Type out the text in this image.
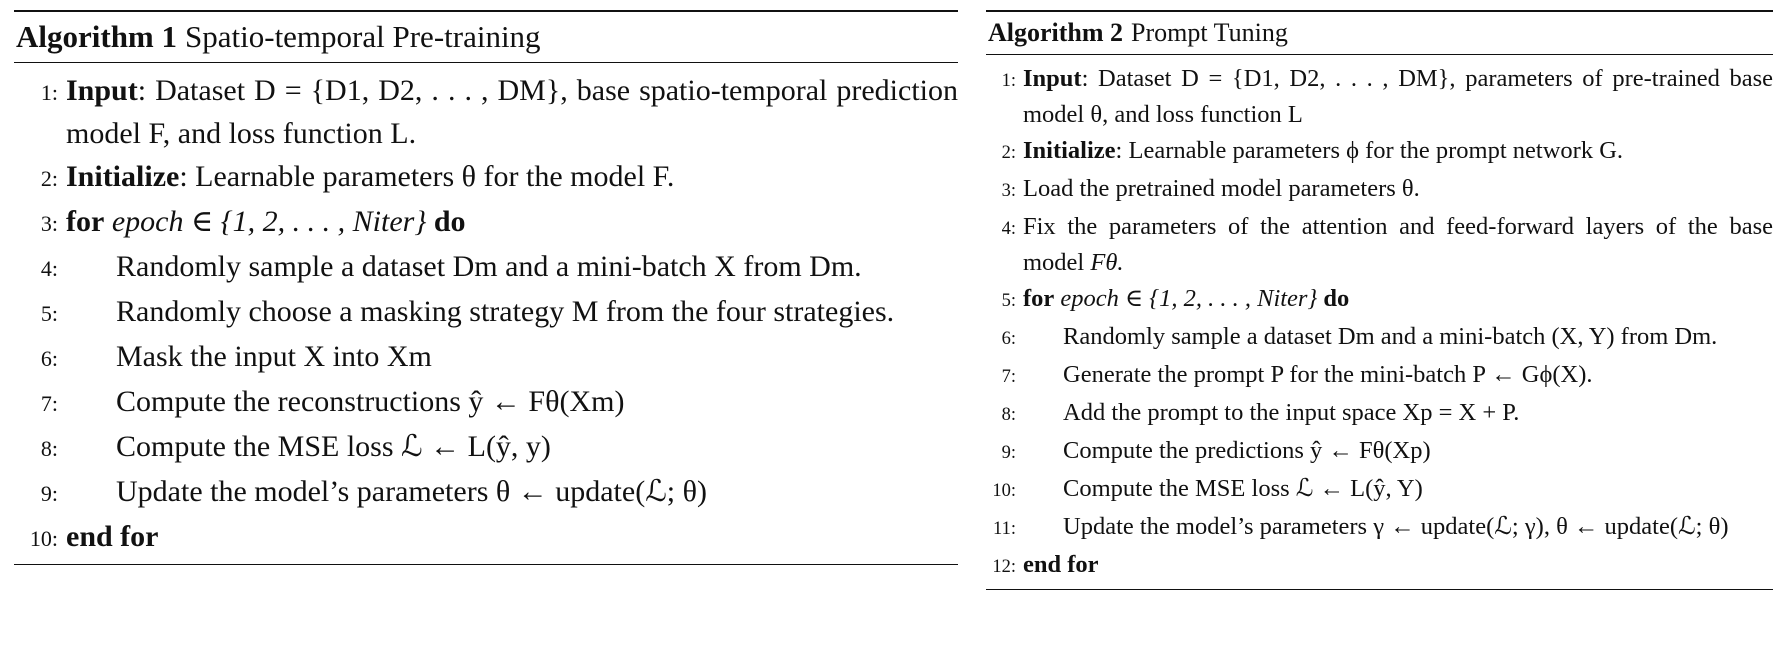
Algorithm 1 Spatio-temporal Pre-training
1: Input: Dataset D = {D1, D2, . . . , DM}, base spatio-temporal prediction model F, and loss function L.
2: Initialize: Learnable parameters θ for the model F.
3: for epoch ∈ {1, 2, . . . , Niter} do
4:	Randomly sample a dataset Dm and a mini-batch X from Dm.
5:	Randomly choose a masking strategy M from the four strategies.
6:	Mask the input X into Xm
7:	Compute the reconstructions ŷ ← Fθ(Xm)
8:	Compute the MSE loss ℒ ← L(ŷ, y)
9:	Update the model’s parameters θ ← update(ℒ; θ)
10: end for
Algorithm 2 Prompt Tuning
1: Input: Dataset D = {D1, D2, . . . , DM}, parameters of pre-trained base model θ, and loss function L
2: Initialize: Learnable parameters ϕ for the prompt network G.
3: Load the pretrained model parameters θ.
4: Fix the parameters of the attention and feed-forward layers of the base model Fθ.
5: for epoch ∈ {1, 2, . . . , Niter} do
6:	Randomly sample a dataset Dm and a mini-batch (X, Y) from Dm.
7:	Generate the prompt P for the mini-batch P ← Gϕ(X).
8:	Add the prompt to the input space Xp = X + P.
9:	Compute the predictions ŷ ← Fθ(Xp)
10:	Compute the MSE loss ℒ ← L(ŷ, Y)
11:	Update the model’s parameters γ ← update(ℒ; γ), θ ← update(ℒ; θ)
12: end for
